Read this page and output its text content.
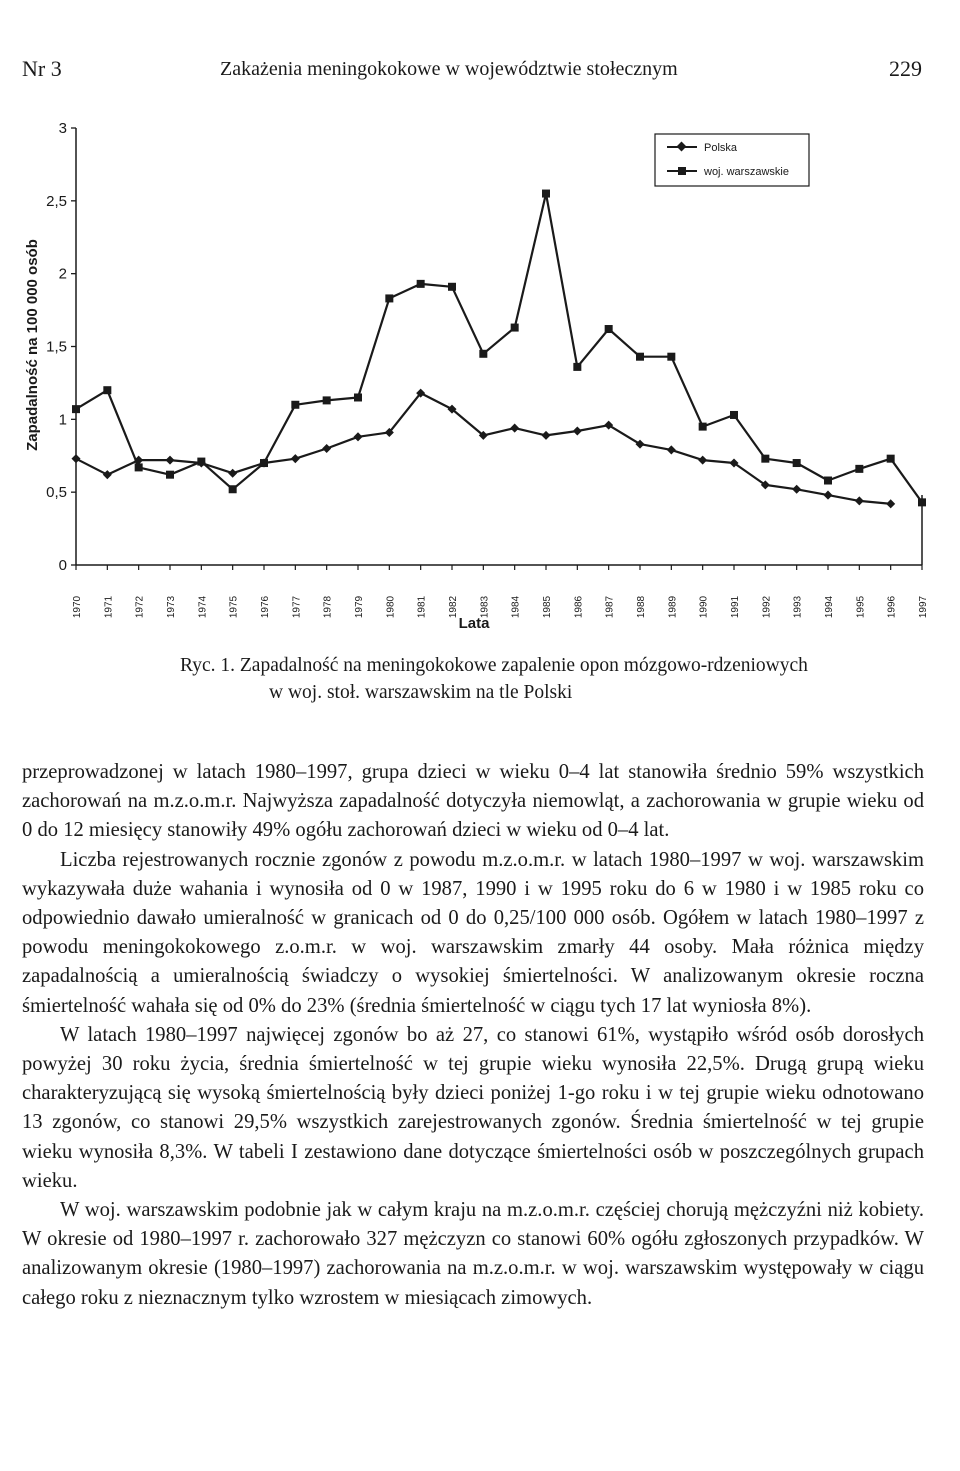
Nr 3	Zakażenia meningokokowe w województwie stołecznym	229
0
0,5
1
1,5
2
2,5
3
1970 1971 1972 1973 1974 1975 1976 1977 1978 1979 1980 1981 1982 1983 1984 1985 1986 1987 1988 1989 1990 1991 1992 1993 1994 1995 1996 1997
Zapadalność na 100 000 osób
Lata
Polska
woj. warszawskie
Ryc. 1. Zapadalność na meningokokowe zapalenie opon mózgowo-rdzeniowych
w woj. stoł. warszawskim na tle Polski

przeprowadzonej w latach 1980–1997, grupa dzieci w wieku 0–4 lat stanowiła średnio 59% wszystkich zachorowań na m.z.o.m.r. Najwyższa zapadalność dotyczyła niemowląt, a zachorowania w grupie wieku od 0 do 12 miesięcy stanowiły 49% ogółu zachorowań dzieci w wieku od 0–4 lat.

Liczba rejestrowanych rocznie zgonów z powodu m.z.o.m.r. w latach 1980–1997 w woj. warszawskim wykazywała duże wahania i wynosiła od 0 w 1987, 1990 i w 1995 roku do 6 w 1980 i w 1985 roku co odpowiednio dawało umieralność w granicach od 0 do 0,25/100 000 osób. Ogółem w latach 1980–1997 z powodu meningokokowego z.o.m.r. w woj. warszawskim zmarły 44 osoby. Mała różnica między zapadalnością a umieralnością świadczy o wysokiej śmiertelności. W analizowanym okresie roczna śmiertelność wahała się od 0% do 23% (średnia śmiertelność w ciągu tych 17 lat wyniosła 8%).

W latach 1980–1997 najwięcej zgonów bo aż 27, co stanowi 61%, wystąpiło wśród osób dorosłych powyżej 30 roku życia, średnia śmiertelność w tej grupie wieku wynosiła 22,5%. Drugą grupą wieku charakteryzującą się wysoką śmiertelnością były dzieci poniżej 1-go roku i w tej grupie wieku odnotowano 13 zgonów, co stanowi 29,5% wszystkich zarejestrowanych zgonów. Średnia śmiertelność w tej grupie wieku wynosiła 8,3%. W tabeli I zestawiono dane dotyczące śmiertelności osób w poszczególnych grupach wieku.

W woj. warszawskim podobnie jak w całym kraju na m.z.o.m.r. częściej chorują mężczyźni niż kobiety. W okresie od 1980–1997 r. zachorowało 327 mężczyzn co stanowi 60% ogółu zgłoszonych przypadków. W analizowanym okresie (1980–1997) zachorowania na m.z.o.m.r. w woj. warszawskim występowały w ciągu całego roku z nieznacznym tylko wzrostem w miesiącach zimowych.
